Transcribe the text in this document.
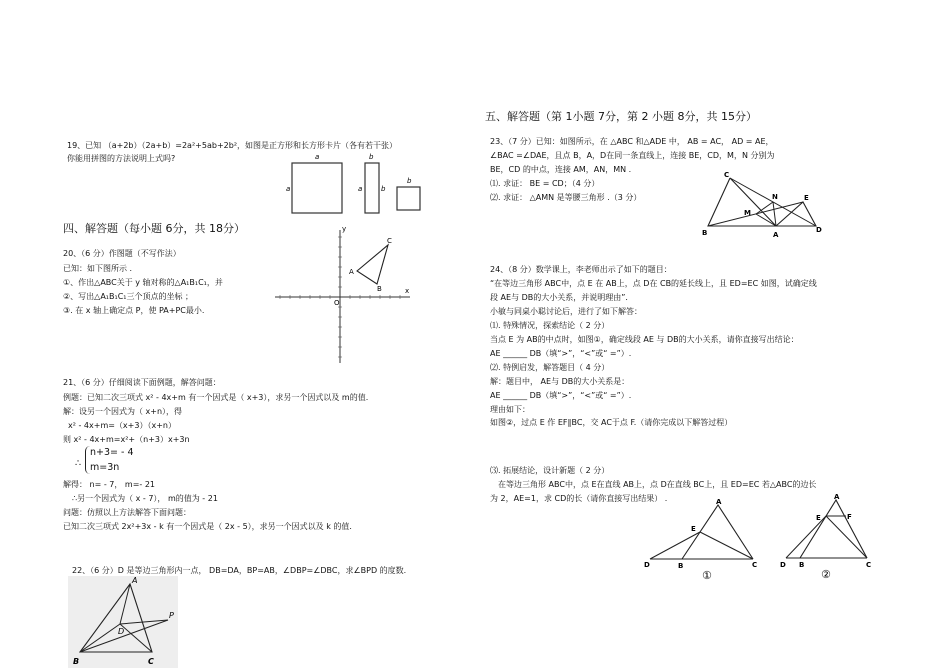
19、已知 （a+2b）（2a+b）=2a²+5ab+2b²，如图是正方形和长方形卡片（各有若干张）
你能用拼图的方法说明上式吗?	a
a
b
b
a
b
四、解答题（每小题 6分，共 18分）
20、（6 分）作图题（不写作法）
已知：如下图所示 .
①、作出△ABC关于 y 轴对称的△A₁B₁C₁，并
②、写出△A₁B₁C₁三个顶点的坐标 ；
③. 在 x 轴上确定点 P，使 PA+PC最小.
x
y
O
A
B
C
21、（6 分）仔细阅读下面例题，解答问题：
例题：已知二次三项式 x² - 4x+m 有一个因式是（ x+3），求另一个因式以及 m的值.
解：设另一个因式为（ x+n），得
x² - 4x+m=（x+3）（x+n）
则 x² - 4x+m=x²+（n+3）x+3n
∴
n+3= - 4
m=3n
解得： n= - 7， m=- 21
∴另一个因式为（ x - 7）， m的值为 - 21
问题：仿照以上方法解答下面问题：
已知二次三项式 2x²+3x - k 有一个因式是（ 2x - 5），求另一个因式以及 k 的值.
22、（6 分）D 是等边三角形内一点， DB=DA，BP=AB，∠DBP=∠DBC，求∠BPD 的度数.
A
B	C
D
P
五、解答题（第 1小题 7分，第 2 小题 8分，共 15分）
23、（7 分）已知：如图所示，在 △ABC 和△ADE 中， AB = AC， AD = AE，
∠BAC =∠DAE，且点 B，A，D在同一条直线上，连接 BE，CD，M，N 分别为
BE，CD 的中点，连接 AM，AN，MN .
⑴. 求证： BE = CD；（4 分）
⑵. 求证： △AMN 是等腰三角形 .（3 分）
C
N	E
M
B	A
D
24、（8 分）数学课上，李老师出示了如下的题目：
“在等边三角形 ABC中，点 E 在 AB上，点 D在 CB的延长线上，且 ED=EC 如图，试确定线
段 AE与 DB的大小关系，并说明理由”．
小敏与同桌小聪讨论后，进行了如下解答：
⑴. 特殊情况，探索结论（ 2 分）
当点 E 为 AB的中点时，如图①，确定线段 AE 与 DB的大小关系，请你直接写出结论：
AE ______ DB（填“>”，“<”或“ =”）.
⑵. 特例启发，解答题目（ 4 分）
解：题目中， AE与 DB的大小关系是：
AE ______ DB（填“>”，“<”或“ =”）.
理由如下：
如图②，过点 E 作 EF∥BC，交 AC于点 F.（请你完成以下解答过程）
⑶. 拓展结论，设计新题（ 2 分）
在等边三角形 ABC中，点 E在直线 AB上，点 D在直线 BC上，且 ED=EC 若△ABC的边长
为 2，AE=1，求 CD的长（请你直接写出结果） .	A
E
D	B	C
①
A
E	F
D B	C
②
